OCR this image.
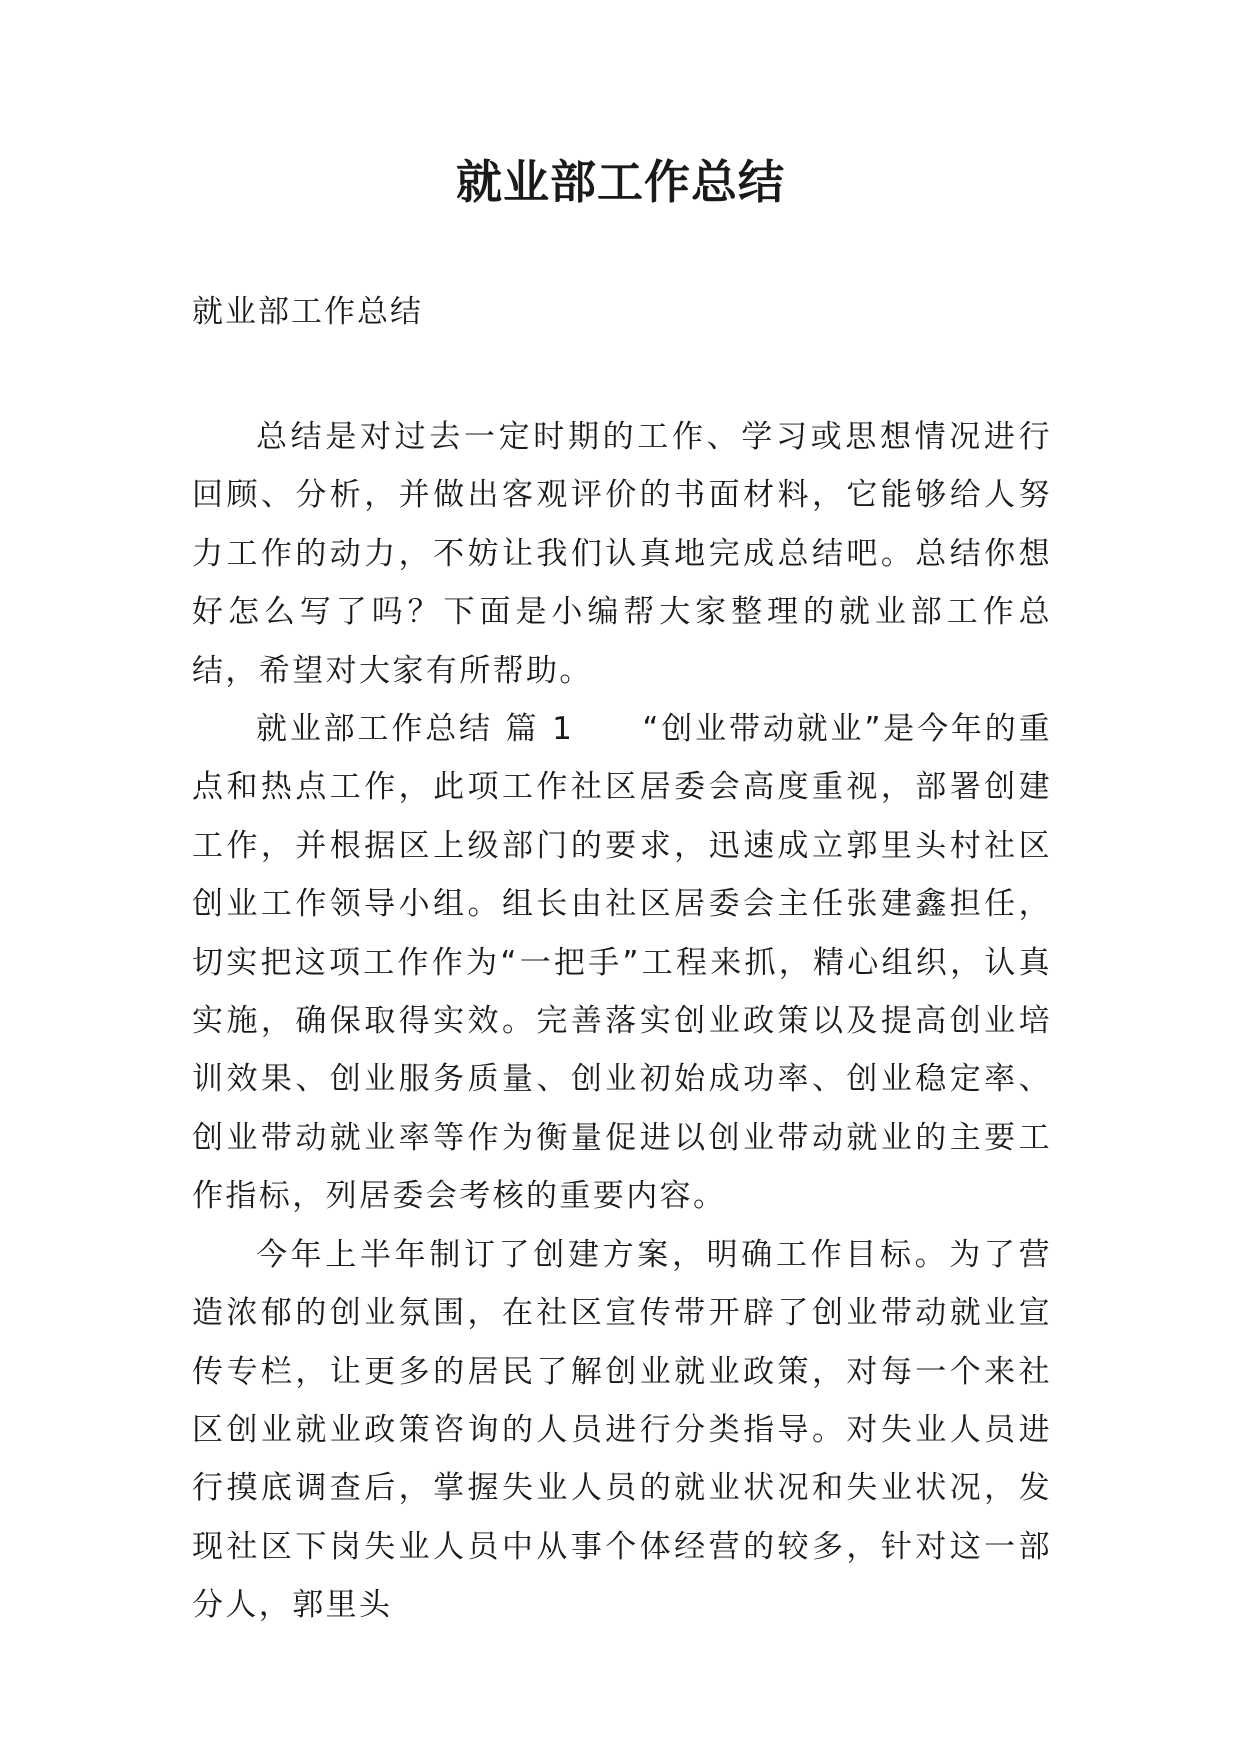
就业部工作总结
就业部工作总结

总结是对过去一定时期的工作、学习或思想情况进行回顾、分析，并做出客观评价的书面材料，它能够给人努力工作的动力，不妨让我们认真地完成总结吧。总结你想好怎么写了吗？下面是小编帮大家整理的就业部工作总结，希望对大家有所帮助。

就业部工作总结 篇 1　　“创业带动就业”是今年的重点和热点工作，此项工作社区居委会高度重视，部署创建工作，并根据区上级部门的要求，迅速成立郭里头村社区创业工作领导小组。组长由社区居委会主任张建鑫担任，切实把这项工作作为“一把手”工程来抓，精心组织，认真实施，确保取得实效。完善落实创业政策以及提高创业培训效果、创业服务质量、创业初始成功率、创业稳定率、创业带动就业率等作为衡量促进以创业带动就业的主要工作指标，列居委会考核的重要内容。

今年上半年制订了创建方案，明确工作目标。为了营造浓郁的创业氛围，在社区宣传带开辟了创业带动就业宣传专栏，让更多的居民了解创业就业政策，对每一个来社区创业就业政策咨询的人员进行分类指导。对失业人员进行摸底调查后，掌握失业人员的就业状况和失业状况，发现社区下岗失业人员中从事个体经营的较多，针对这一部分人，郭里头
